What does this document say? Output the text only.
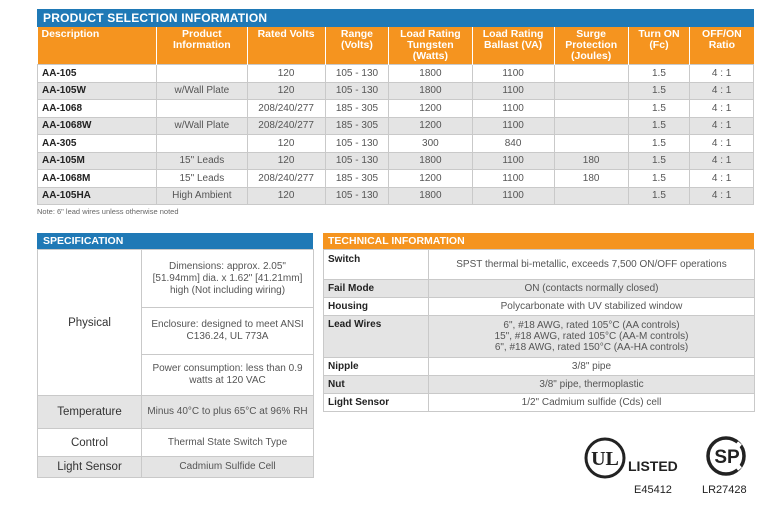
PRODUCT SELECTION INFORMATION
Description	Product Information	Rated Volts	Range (Volts)	Load Rating Tungsten (Watts)	Load Rating Ballast (VA)	Surge Protection (Joules)	Turn ON (Fc)	OFF/ON Ratio
AA-105		120	105 - 130	1800	1100		1.5	4 : 1
AA-105W	w/Wall Plate	120	105 - 130	1800	1100		1.5	4 : 1
AA-1068		208/240/277	185 - 305	1200	1100		1.5	4 : 1
AA-1068W	w/Wall Plate	208/240/277	185 - 305	1200	1100		1.5	4 : 1
AA-305		120	105 - 130	300	840		1.5	4 : 1
AA-105M	15" Leads	120	105 - 130	1800	1100	180	1.5	4 : 1
AA-1068M	15" Leads	208/240/277	185 - 305	1200	1100	180	1.5	4 : 1
AA-105HA	High Ambient	120	105 - 130	1800	1100		1.5	4 : 1
Note: 6" lead wires unless otherwise noted
SPECIFICATION
Physical	Dimensions: approx. 2.05" [51.94mm] dia. x 1.62" [41.21mm] high (Not including wiring)
	Enclosure: designed to meet ANSI C136.24, UL 773A
	Power consumption: less than 0.9 watts at 120 VAC
Temperature	Minus 40°C to plus 65°C at 96% RH
Control	Thermal State Switch Type
Light Sensor	Cadmium Sulfide Cell
TECHNICAL INFORMATION
Switch	SPST thermal bi-metallic, exceeds 7,500 ON/OFF operations
Fail Mode	ON (contacts normally closed)
Housing	Polycarbonate with UV stabilized window
Lead Wires	6", #18 AWG, rated 105°C (AA controls)
15", #18 AWG, rated 105°C (AA-M controls)
6", #18 AWG, rated 150°C (AA-HA controls)

Nipple	3/8" pipe
Nut	3/8" pipe, thermoplastic
Light Sensor	1/2" Cadmium sulfide (Cds) cell
UL LISTED
E45412
SP
LR27428
